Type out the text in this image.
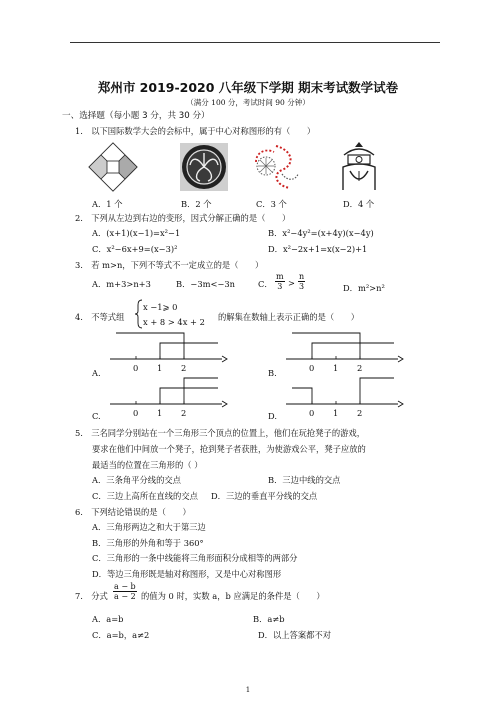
郑州市 2019-2020 八年级下学期 期末考试数学试卷
（满分 100 分，考试时间 90 分钟）
一、选择题（每小题 3 分，共 30 分）
1.　以下国际数学大会的会标中，属于中心对称图形的有（　　）
A．1 个	B．2 个	C．3 个	D．4 个
2.　下列从左边到右边的变形，因式分解正确的是（　　）
A．(x+1)(x−1)=x²−1	B．x²−4y²=(x+4y)(x−4y)
C．x²−6x+9=(x−3)²	D．x²−2x+1=x(x−2)+1
3.　若 m>n，下列不等式不一定成立的是（　　）
A．m+3>n+3	B．−3m<−3n	C．
m
3 >
n
3	D．m²>n²
4.　不等式组
x −1⩾ 0
x + 8 > 4x + 2 的解集在数轴上表示正确的是（　　）
A.	0 1 2	B.	0 1 2
C.	0 1 2	D.	0 1 2
5.　三名同学分别站在一个三角形三个顶点的位置上，他们在玩抢凳子的游戏，
要求在他们中间放一个凳子，抢到凳子者获胜，为使游戏公平，凳子应放的
最适当的位置在三角形的（ ）
A．三条角平分线的交点	B．三边中线的交点
C．三边上高所在直线的交点 D．三边的垂直平分线的交点
6.　下列结论错误的是（　　）
A．三角形两边之和大于第三边
B．三角形的外角和等于 360°
C．三角形的一条中线能将三角形面积分成相等的两部分
D．等边三角形既是轴对称图形，又是中心对称图形
7.　分式
a − b
a − 2 的值为 0 时，实数 a，b 应满足的条件是（　　）
A．a=b	B．a≠b
C．a=b，a≠2	D．以上答案都不对
1
